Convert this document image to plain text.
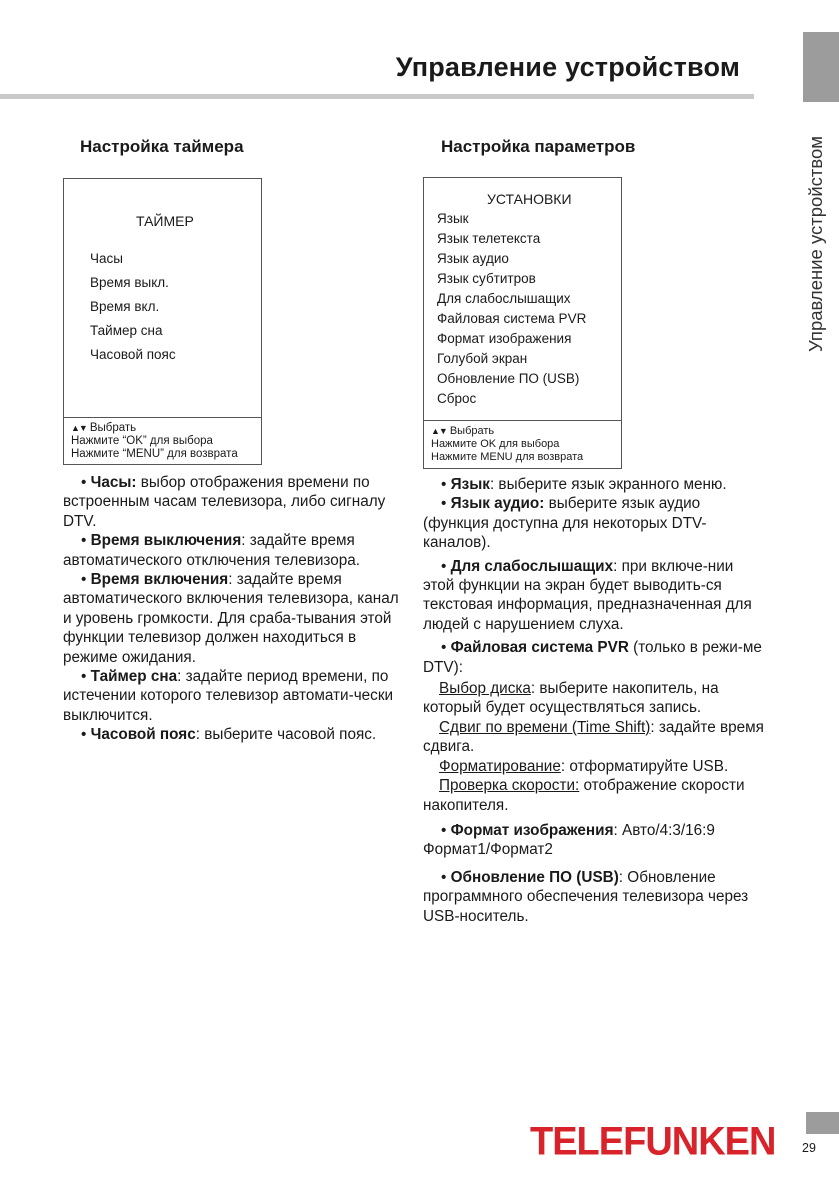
Управление устройством
Управление устройством
Настройка таймера
ТАЙМЕР
Часы
Время выкл.
Время вкл.
Таймер сна
Часовой пояс
▲▼ Выбрать
Нажмите “OK” для выбора
Нажмите “MENU” для возврата

• Часы: выбор отображения времени по встроенным часам телевизора, либо сигналу DTV.

• Время выключения: задайте время автоматического отключения телевизора.

• Время включения: задайте время автоматического включения телевизора, канал и уровень громкости. Для сраба-тывания этой функции телевизор должен находиться в режиме ожидания.

• Таймер сна: задайте период времени, по истечении которого телевизор автомати-чески выключится.

• Часовой пояс: выберите часовой пояс.

Настройка параметров
УСТАНОВКИ
Язык
Язык телетекста
Язык аудио
Язык субтитров
Для слабослышащих
Файловая система PVR
Формат изображения
Голубой экран
Обновление ПО (USB)
Сброс
▲▼ Выбрать
Нажмите OK для выбора
Нажмите MENU для возврата

• Язык: выберите язык экранного меню.

• Язык аудио: выберите язык аудио (функция доступна для некоторых DTV-каналов).

• Для слабослышащих: при включе-нии этой функции на экран будет выводить-ся текстовая информация, предназначенная для людей с нарушением слуха.

• Файловая система PVR (только в режи-ме DTV):

Выбор диска: выберите накопитель, на который будет осуществляться запись.

Сдвиг по времени (Time Shift): задайте время сдвига.

Форматирование: отформатируйте USB.

Проверка скорости: отображение скорости накопителя.

• Формат изображения: Авто/4:3/16:9 Формат1/Формат2

• Обновление ПО (USB): Обновление программного обеспечения телевизора через USB-носитель.

TELEFUNKEN	29
